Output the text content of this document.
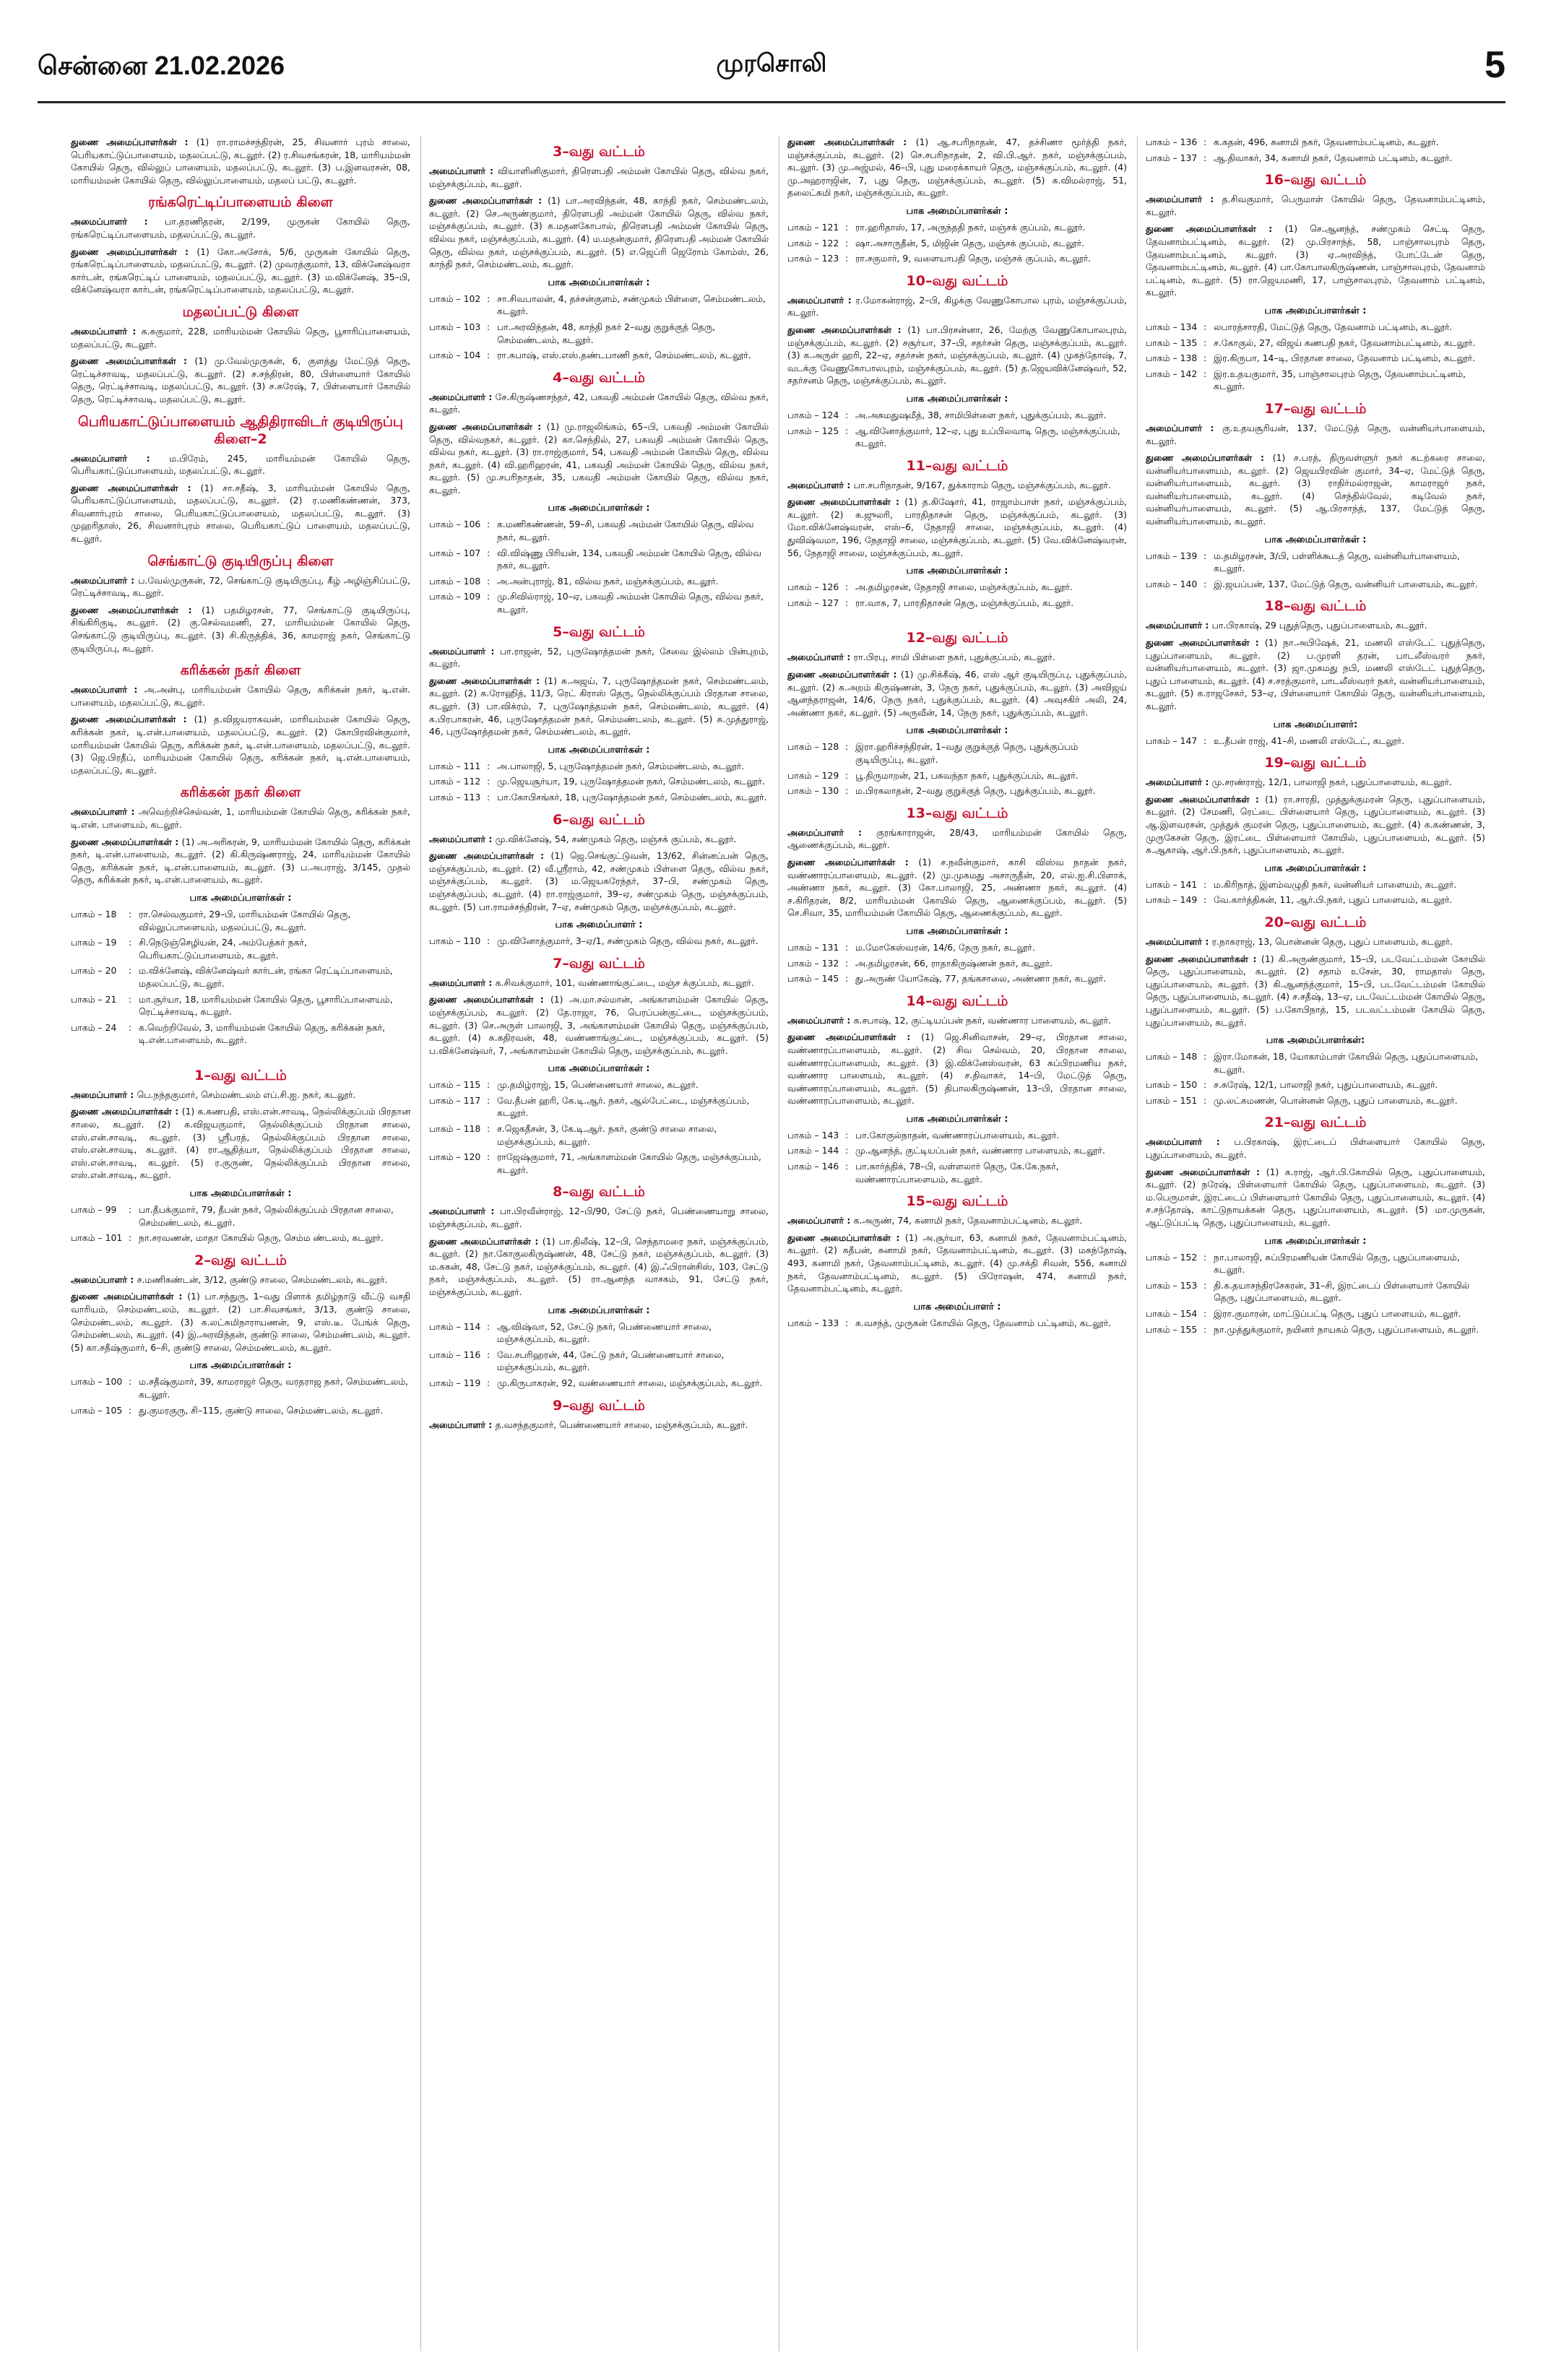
சென்னை 21.02.2026	முரசொலி	5

துணை அமைப்பாளர்கள் : (1) ரா.ராமச்சந்திரன், 25, சிவனார் புரம் சாலை, பெரியகாட்டுப்பாளையம், மதலப்பட்டு, கடலூர். (2) ர.சிவசங்கரன், 18, மாரியம்மன் கோயில் தெரு, வில்லுப் பாளையம், மதலப்பட்டு, கடலூர். (3) ப.இளவரசன், 08, மாரியம்மன் கோயில் தெரு, வில்லுப்பாளையம், மதலப் பட்டு, கடலூர்.

ரங்கரெட்டிப்பாளையம் கிளை

அமைப்பாளர் : பா.தரணிதரன், 2/199, முருகன் கோயில் தெரு, ரங்கரெட்டிப்பாளையம், மதலப்பட்டு, கடலூர்.

துணை அமைப்பாளர்கள் : (1) கோ.அசோக், 5/6, முருகன் கோயில் தெரு, ரங்கரெட்டிப்பாளையம், மதலப்பட்டு, கடலூர். (2) முவரத்குமார், 13, விக்னேஷ்வரா கார்டன், ரங்கரெட்டிப் பாளையம், மதலப்பட்டு, கடலூர். (3) ம.விக்னேஷ், 35–பி, விக்னேஷ்வரா கார்டன், ரங்கரெட்டிப்பாளையம், மதலப்பட்டு, கடலூர்.

மதலப்பட்டு கிளை

அமைப்பாளர் : க.சுகுமார், 228, மாரியம்மன் கோயில் தெரு, பூசாரிப்பாளையம், மதலப்பட்டு, கடலூர்.

துணை அமைப்பாளர்கள் : (1) மு.வேல்முருகன், 6, குளத்து மேட்டுத் தெரு, ரெட்டிச்சாவடி, மதலப்பட்டு, கடலூர். (2) ச.சந்திரன், 80, பிள்ளையார் கோயில் தெரு, ரெட்டிச்சாவடி, மதலப்பட்டு, கடலூர். (3) ச.சுரேஷ், 7, பிள்ளையார் கோயில் தெரு, ரெட்டிச்சாவடி, மதலப்பட்டு, கடலூர்.

பெரியகாட்டுப்பாளையம் ஆதிதிராவிடர் குடியிருப்பு கிளை–2

அமைப்பாளர் : ம.பிரேம், 245, மாரியம்மன் கோயில் தெரு, பெரியகாட்டுப்பாளையம், மதலப்பட்டு, கடலூர்.

துணை அமைப்பாளர்கள் : (1) சா.சதீஷ், 3, மாரியம்மன் கோயில் தெரு, பெரியகாட்டுப்பாளையம், மதலப்பட்டு, கடலூர். (2) ர.மணிகண்ணன், 373, சிவனார்புரம் சாலை, பெரியகாட்டுப்பாளையம், மதலப்பட்டு, கடலூர். (3) முஹரிதாஸ், 26, சிவனார்புரம் சாலை, பெரியகாட்டுப் பாளையம், மதலப்பட்டு, கடலூர்.

செங்காட்டு குடியிருப்பு கிளை

அமைப்பாளர் : ப.வேல்முருகன், 72, செங்காட்டு குடியிருப்பு, கீழ் அழிஞ்சிப்பட்டு, ரெட்டிச்சாவடி, கடலூர்.

துணை அமைப்பாளர்கள் : (1) பதமிழரசன், 77, செங்காட்டு குடியிருப்பு, சிங்கிரிகுடி, கடலூர். (2) கு.செல்வமணி, 27, மாரியம்மன் கோயில் தெரு, செங்காட்டு குடியிருப்பு, கடலூர். (3) சி.கிருத்திக், 36, காமராஜ் நகர், செங்காட்டு குடியிருப்பு, கடலூர்.

கரிக்கன் நகர் கிளை

அமைப்பாளர் : அ.அன்பு, மாரியம்மன் கோயில் தெரு, கரிக்கன் நகர், டி.என். பாளையம், மதலப்பட்டு, கடலூர்.

துணை அமைப்பாளர்கள் : (1) த.விஜயராகவன், மாரியம்மன் கோயில் தெரு, கரிக்கன் நகர், டி.என்.பாளையம், மதலப்பட்டு, கடலூர். (2) கோபிரவின்குமார், மாரியம்மன் கோயில் தெரு, கரிக்கன் நகர், டி.என்.பாளையம், மதலப்பட்டு, கடலூர். (3) ஜெ.பிரதீப், மாரியம்மன் கோயில் தெரு, கரிக்கன் நகர், டி.என்.பாளையம், மதலப்பட்டு, கடலூர்.

கரிக்கன் நகர் கிளை

அமைப்பாளர் : அவெற்றிச்செல்வன், 1, மாரியம்மன் கோயில் தெரு, கரிக்கன் நகர், டி.என். பாளையம், கடலூர்.

துணை அமைப்பாளர்கள் : (1) அ.அரிகரன், 9, மாரியம்மன் கோயில் தெரு, கரிக்கன் நகர், டி.என்.பாளையம், கடலூர். (2) கி.கிருஷ்ணராஜ், 24, மாரியம்மன் கோயில் தெரு, கரிக்கன் நகர், டி.என்.பாளையம், கடலூர். (3) ப.அபராஜ், 3/145, முதல் தெரு, கரிக்கன் நகர், டி.என்.பாளையம், கடலூர்.

பாக அமைப்பாளர்கள் :
பாகம் – 18	: ரா.செல்வகுமார், 29–பி, மாரியம்மன் கோயில் தெரு, வில்லுப்பாளையம், மதலப்பட்டு, கடலூர்.
பாகம் – 19	: சி.நெடுஞ்செழியன், 24, அம்பேத்கர் நகர், பெரியகாட்டுப்பாளையம், கடலூர்.
பாகம் – 20	: ம.விக்னேஷ், விக்னேஷ்வர் கார்டன், ரங்கா ரெட்டிப்பாளையம், மதலப்பட்டு, கடலூர்.
பாகம் – 21	: மா.சூர்யா, 18, மாரியம்மன் கோயில் தெரு, பூசாரிப்பாளையம், ரெட்டிச்சாவடி, கடலூர்.
பாகம் – 24	: க.வெற்றிவேல், 3, மாரியம்மன் கோயில் தெரு, கரிக்கன் நகர், டி.என்.பாளையம், கடலூர்.
1–வது வட்டம்

அமைப்பாளர் : பெ.நந்தகுமார், செம்மண்டலம் எப்.சி.ஐ. நகர், கடலூர்.

துணை அமைப்பாளர்கள் : (1) க.கணபதி, எஸ்.என்.சாவடி, நெல்லிக்குப்பம் பிரதான சாலை, கடலூர். (2) க.விஜயகுமார், நெல்லிக்குப்பம் பிரதான சாலை, எஸ்.என்.சாவடி, கடலூர். (3) ஸ்ரீபரத், நெல்லிக்குப்பம் பிரதான சாலை, எஸ்.என்.சாவடி, கடலூர். (4) ரா.ஆதித்யா, நெல்லிக்குப்பம் பிரதான சாலை, எஸ்.என்.சாவடி, கடலூர். (5) ர.குருண், நெல்லிக்குப்பம் பிரதான சாலை, எஸ்.என்.சாவடி, கடலூர்.

பாக அமைப்பாளர்கள் :
பாகம் – 99	: பா.தீபக்குமார், 79, தீபன் நகர், நெல்லிக்குப்பம் பிரதான சாலை, செம்மண்டலம், கடலூர்.
பாகம் – 101 : நா.சரவணன், மாதா கோயில் தெரு, செம்ம ண்டலம், கடலூர்.
2–வது வட்டம்

அமைப்பாளர் : ச.மணிகண்டன், 3/12, குண்டு சாலை, செம்மண்டலம், கடலூர்.

துணை அமைப்பாளர்கள் : (1) பா.சந்துரு, 1–வது பிளாக் தமிழ்நாடு வீட்டு வசதி வாரியம், செம்மண்டலம், கடலூர். (2) பா.சிவசங்கர், 3/13, குண்டு சாலை, செம்மண்டலம், கடலூர். (3) க.லட்சுமிநாராயணன், 9, எஸ்.டீ. பேங்க் தெரு, செம்மண்டலம், கடலூர். (4) இ.அரவிந்தன், குண்டு சாலை, செம்மண்டலம், கடலூர். (5) கா.சதீஷ்குமார், 6–சி, குண்டு சாலை, செம்மண்டலம், கடலூர்.

பாக அமைப்பாளர்கள் :
பாகம் – 100 : ம.சதீஷ்குமார், 39, காமராஜர் தெரு, வரதராஜ நகர், செம்மண்டலம், கடலூர்.
பாகம் – 105 : து.குமரகுரு, சி–115, குண்டு சாலை, செம்மண்டலம், கடலூர்.
3–வது வட்டம்

அமைப்பாளர் : வியாளினிகுமார், திரௌபதி அம்மன் கோயில் தெரு, வில்வ நகர், மஞ்சக்குப்பம், கடலூர்.

துணை அமைப்பாளர்கள் : (1) பா.அரவிந்தன், 48, காந்தி நகர், செம்மண்டலம், கடலூர். (2) செ.அருண்குமார், திரௌபதி அம்மன் கோயில் தெரு, வில்வ நகர், மஞ்சக்குப்பம், கடலூர். (3) சு.மதனகோபால், திரௌபதி அம்மன் கோயில் தெரு, வில்வ நகர், மஞ்சக்குப்பம், கடலூர். (4) ம.மதன்குமார், திரௌபதி அம்மன் கோயில் தெரு, வில்வ நகர், மஞ்சக்குப்பம், கடலூர். (5) எ.ஜெப்ரி ஜெரோம் கோம்ஸ், 26, காந்தி நகர், செம்மண்டலம், கடலூர்.

பாக அமைப்பாளர்கள் :
பாகம் – 102 : சா.சிவபாலன், 4, தச்சன்குளம், சண்முகம் பிள்ளை, செம்மண்டலம், கடலூர்.
பாகம் – 103 : பா.அரவிந்தன், 48, காந்தி நகர் 2–வது குறுக்குத் தெரு, செம்மண்டலம், கடலூர்.
பாகம் – 104 : ரா.சுபாஷ், எஸ்.எஸ்.தண்டபாணி நகர், செம்மண்டலம், கடலூர்.
4–வது வட்டம்

அமைப்பாளர் : சே.கிருஷ்ணசந்தர், 42, பகவதி அம்மன் கோயில் தெரு, வில்வ நகர், கடலூர்.

துணை அமைப்பாளர்கள் : (1) மு.ராஜலிங்கம், 65–பி, பகவதி அம்மன் கோயில் தெரு, வில்வநகர், கடலூர். (2) கா.செந்தில், 27, பகவதி அம்மன் கோயில் தெரு, வில்வ நகர், கடலூர். (3) ரா.ராஜ்குமார், 54, பகவதி அம்மன் கோயில் தெரு, வில்வ நகர், கடலூர். (4) வி.ஹரிஹரன், 41, பகவதி அம்மன் கோயில் தெரு, வில்வ நகர், கடலூர். (5) மு.சபரிநாதன், 35, பகவதி அம்மன் கோயில் தெரு, வில்வ நகர், கடலூர்.

பாக அமைப்பாளர்கள் :
பாகம் – 106 : க.மணிகண்ணன், 59–சி, பகவதி அம்மன் கோயில் தெரு, வில்வ நகர், கடலூர்.
பாகம் – 107 : வி.விஷ்ணு பிரியன், 134, பகவதி அம்மன் கோயில் தெரு, வில்வ நகர், கடலூர்.
பாகம் – 108 : அ.அன்புராஜ், 81, வில்வ நகர், மஞ்சக்குப்பம், கடலூர்.
பாகம் – 109 : மு.சிவில்ராஜ், 10–ஏ, பகவதி அம்மன் கோயில் தெரு, வில்வ நகர், கடலூர்.
5–வது வட்டம்

அமைப்பாளர் : பா.ராஜன், 52, புருஷோத்தமன் நகர், சேவை இல்லம் பின்புறம், கடலூர்.

துணை அமைப்பாளர்கள் : (1) சு.அஜய், 7, புருஷோத்தமன் நகர், செம்மண்டலம், கடலூர். (2) க.ரோஹித், 11/3, ரெட் கிராஸ் தெரு, நெல்லிக்குப்பம் பிரதான சாலை, கடலூர். (3) பா.விக்ரம், 7, புருஷோத்தமன் நகர், செம்மண்டலம், கடலூர். (4) க.பிரபாகரன், 46, புருஷோத்தமன் நகர், செம்மண்டலம், கடலூர். (5) சு.முத்துராஜ், 46, புருஷோத்தமன் நகர், செம்மண்டலம், கடலூர்.

பாக அமைப்பாளர்கள் :
பாகம் – 111 : அ.பாலாஜி, 5, புருஷோத்தமன் நகர், செம்மண்டலம், கடலூர்.
பாகம் – 112 : மு.ஜெயசூர்யா, 19, புருஷோத்தமன் நகர், செம்மண்டலம், கடலூர்.
பாகம் – 113 : பா.கோபிசங்கர், 18, புருஷோத்தமன் நகர், செம்மண்டலம், கடலூர்.
6–வது வட்டம்

அமைப்பாளர் : மு.விக்னேஷ், 54, சண்முகம் தெரு, மஞ்சக் குப்பம், கடலூர்.

துணை அமைப்பாளர்கள் : (1) ஜெ.செங்குட்டுவன், 13/62, சின்னப்பன் தெரு, மஞ்சக்குப்பம், கடலூர். (2) வீ.ஸ்ரீராம், 42, சண்முகம் பிள்ளை தெரு, வில்வ நகர், மஞ்சக்குப்பம், கடலூர். (3) ம.ஜெயசுரேந்தர், 37–பி, சண்முகம் தெரு, மஞ்சக்குப்பம், கடலூர். (4) ரா.ராஜ்குமார், 39–ஏ, சண்முகம் தெரு, மஞ்சக்குப்பம், கடலூர். (5) பா.ராமச்சந்திரன், 7–ஏ, சண்முகம் தெரு, மஞ்சக்குப்பம், கடலூர்.

பாக அமைப்பாளர் :
பாகம் – 110 : மு.வினோத்குமார், 3–ஏ/1, சண்முகம் தெரு, வில்வ நகர், கடலூர்.
7–வது வட்டம்

அமைப்பாளர் : க.சிவக்குமார், 101, வண்ணாங்குட்டை, மஞ்ச க்குப்பம், கடலூர்.

துணை அமைப்பாளர்கள் : (1) அ.மா.சல்மான், அங்காளம்மன் கோயில் தெரு, மஞ்சக்குப்பம், கடலூர். (2) தே.ராஜா, 76, பெரப்பன்குட்டை, மஞ்சக்குப்பம், கடலூர். (3) செ.அருள் பாலாஜி, 3, அங்காளம்மன் கோயில் தெரு, மஞ்சக்குப்பம், கடலூர். (4) சு.கதிரவன், 48, வண்ணாங்குட்டை, மஞ்சக்குப்பம், கடலூர். (5) ப.விக்னேஷ்வர், 7, அங்காளம்மன் கோயில் தெரு, மஞ்சக்குப்பம், கடலூர்.

பாக அமைப்பாளர்கள் :
பாகம் – 115 : மு.தமிழ்ராஜ், 15, பெண்ணையார் சாலை, கடலூர்.
பாகம் – 117 : வே.தீபன் ஹரி, கே.டி.ஆர். நகர், ஆல்பேட்டை, மஞ்சக்குப்பம், கடலூர்.
பாகம் – 118 : ச.ஜெகதீசன், 3, கே.டி.ஆர். நகர், குண்டு சாலை சாலை, மஞ்சக்குப்பம், கடலூர்.
பாகம் – 120 : ராஜேஷ்குமார், 71, அங்காளம்மன் கோயில் தெரு, மஞ்சக்குப்பம், கடலூர்.
8–வது வட்டம்

அமைப்பாளர் : பா.பிரவீன்ராஜ், 12–பி/90, சேட்டு நகர், பெண்ணையாறு சாலை, மஞ்சக்குப்பம், கடலூர்.

துணை அமைப்பாளர்கள் : (1) பா.திலீஷ், 12–பி, செந்தாமரை நகர், மஞ்சக்குப்பம், கடலூர். (2) நா.கோகுலகிருஷ்ணன், 48, சேட்டு நகர், மஞ்சக்குப்பம், கடலூர். (3) ம.சுகன், 48, சேட்டு நகர், மஞ்சக்குப்பம், கடலூர். (4) இ.ஃபிரான்சிஸ், 103, சேட்டு நகர், மஞ்சக்குப்பம், கடலூர். (5) ரா.ஆனந்த வாசகம், 91, சேட்டு நகர், மஞ்சக்குப்பம், கடலூர்.

பாக அமைப்பாளர்கள் :
பாகம் – 114 : ஆ.விஷ்வா, 52, சேட்டு நகர், பெண்ணையார் சாலை, மஞ்சக்குப்பம், கடலூர்.
பாகம் – 116 : வே.சபரிஹரன், 44, சேட்டு நகர், பெண்ணையார் சாலை, மஞ்சக்குப்பம், கடலூர்.
பாகம் – 119 : மு.கிருபாகரன், 92, வண்ணையார் சாலை, மஞ்சக்குப்பம், கடலூர்.
9–வது வட்டம்

அமைப்பாளர் : த.வசந்தகுமார், பெண்ணையார் சாலை, மஞ்சக்குப்பம், கடலூர்.

துணை அமைப்பாளர்கள் : (1) ஆ.சபரிநாதன், 47, தச்சிணா மூர்த்தி நகர், மஞ்சக்குப்பம், கடலூர். (2) செ.சபரிநாதன், 2, வி.பி.ஆர். நகர், மஞ்சக்குப்பம், கடலூர். (3) மு.அஜ்மல், 46–பி, புது மரைக்காயர் தெரு, மஞ்சக்குப்பம், கடலூர். (4) மு.அஹராஜின், 7, புது தெரு, மஞ்சக்குப்பம், கடலூர். (5) க.விமல்ராஜ், 51, தலைட்சுமி நகர், மஞ்சக்குப்பம், கடலூர்.

பாக அமைப்பாளர்கள் :
பாகம் – 121 : ரா.ஹரிதாஸ், 17, அருந்ததி நகர், மஞ்சக் குப்பம், கடலூர்.
பாகம் – 122 : ஷா.அசாருதீன், 5, மிஜின் தெரு, மஞ்சக் குப்பம், கடலூர்.
பாகம் – 123 : ரா.சகுமார், 9, வளையாபதி தெரு, மஞ்சக் குப்பம், கடலூர்.
10–வது வட்டம்

அமைப்பாளர் : ர.மோகன்ராஜ், 2–பி, கிழக்கு வேணுகோபால புரம், மஞ்சக்குப்பம், கடலூர்.

துணை அமைப்பாளர்கள் : (1) பா.பிரசன்னா, 26, மேற்கு வேணுகோபாலபுரம், மஞ்சக்குப்பம், கடலூர். (2) சசூர்யா, 37–பி, சதர்சன் தெரு, மஞ்சக்குப்பம், கடலூர். (3) க.அருள் ஹரி, 22–ஏ, சதர்சன் நகர், மஞ்சக்குப்பம், கடலூர். (4) முகந்தோஷ், 7, வடக்கு வேணுகோபாலபுரம், மஞ்சக்குப்பம், கடலூர். (5) த.ஜெயவிக்னேஷ்வர், 52, சதர்சனம் தெரு, மஞ்சக்குப்பம், கடலூர்.

பாக அமைப்பாளர்கள் :
பாகம் – 124 : அ.அசுமதுஷமீத், 38, சாமிபிள்ளை நகர், புதுக்குப்பம், கடலூர்.
பாகம் – 125 : ஆ.வினோத்குமார், 12–ஏ, புது உப்பிலவாடி தெரு, மஞ்சக்குப்பம், கடலூர்.
11–வது வட்டம்

அமைப்பாளர் : பா.சபரிநாதன், 9/167, துக்காராம் தெரு, மஞ்சக்குப்பம், கடலூர்.

துணை அமைப்பாளர்கள் : (1) த.கிஷோர், 41, ராஜாம்பாள் நகர், மஞ்சக்குப்பம், கடலூர். (2) சு.ஜுலரி, பாரதிதாசன் தெரு, மஞ்சக்குப்பம், கடலூர். (3) மோ.விக்னேஷ்வரன், எஸ்–6, நேதாஜி சாலை, மஞ்சக்குப்பம், கடலூர். (4) துவிஷ்வமா, 196, நேதாஜி சாலை, மஞ்சக்குப்பம், கடலூர். (5) வே.விக்னேஷ்வரன், 56, நேதாஜி சாலை, மஞ்சக்குப்பம், கடலூர்.

பாக அமைப்பாளர்கள் :
பாகம் – 126 : அ.தமிழரசன், நேதாஜி சாலை, மஞ்சக்குப்பம், கடலூர்.
பாகம் – 127 : ரா.வாசு, 7, பாரதிதாசன் தெரு, மஞ்சக்குப்பம், கடலூர்.
12–வது வட்டம்

அமைப்பாளர் : ரா.பிரபு, சாமி பிள்ளை நகர், புதுக்குப்பம், கடலூர்.

துணை அமைப்பாளர்கள் : (1) மு.சிக்கீஷ், 46, எஸ் ஆர் குடியிருப்பு, புதுக்குப்பம், கடலூர். (2) சு.அறம் கிருஷ்ணன், 3, நேரு நகர், புதுக்குப்பம், கடலூர். (3) அவிஜய் ஆனந்தராஜன், 14/6, நேரு நகர், புதுக்குப்பம், கடலூர். (4) அவுசகிர் அலி, 24, அண்ணா நகர், கடலூர். (5) அருவீன், 14, நேரு நகர், புதுக்குப்பம், கடலூர்.

பாக அமைப்பாளர்கள் :
பாகம் – 128 : இரா.ஹரிச்சந்திரன், 1–வது குறுக்குத் தெரு, புதுக்குப்பம் குடியிருப்பு, கடலூர்.
பாகம் – 129 : பூ.திருமாறன், 21, பகவந்தா நகர், புதுக்குப்பம், கடலூர்.
பாகம் – 130 : ம.பிரகலாதன், 2–வது குறுக்குத் தெரு, புதுக்குப்பம், கடலூர்.
13–வது வட்டம்

அமைப்பாளர் : குரங்காராஜன், 28/43, மாரியம்மன் கோயில் தெரு, ஆணைக்குப்பம், கடலூர்.

துணை அமைப்பாளர்கள் : (1) ச.நவீன்குமார், காசி விஸ்வ நாதன் நகர், வண்ணாரப்பாளையம், கடலூர். (2) மு.முகமது அசாருதீன், 20, எல்.ஐ.சி.பிளாக், அண்ணா நகர், கடலூர். (3) கோ.பாலாஜி, 25, அண்ணா நகர், கடலூர். (4) ச.கிரிதரன், 8/2, மாரியம்மன் கோயில் தெரு, ஆணைக்குப்பம், கடலூர். (5) செ.சிவா, 35, மாரியம்மன் கோயில் தெரு, ஆணைக்குப்பம், கடலூர்.

பாக அமைப்பாளர்கள் :
பாகம் – 131 : ம.மோகேஸ்வரன், 14/6, நேரு நகர், கடலூர்.
பாகம் – 132 : அ.தமிழரசன், 66, ராதாகிருஷ்ணன் நகர், கடலூர்.
பாகம் – 145 : து.அருண் யோகேஷ், 77, தங்கசாலை, அண்ணா நகர், கடலூர்.
14–வது வட்டம்

அமைப்பாளர் : க.சபாஷ், 12, குட்டியப்பன் நகர், வண்ணார பாளையம், கடலூர்.

துணை அமைப்பாளர்கள் : (1) ஜெ.சினிவாசன், 29–ஏ, பிரதான சாலை, வண்ணாரப்பாளையம், கடலூர். (2) சிவ செல்வம், 20, பிரதான சாலை, வண்ணாரப்பாளையம், கடலூர். (3) இ.விக்னேஸ்வரன், 63 சுப்பிரமணிய நகர், வண்ணார பாளையம், கடலூர். (4) ச.திவாகர், 14–பி, மேட்டுத் தெரு, வண்ணாரப்பாளையம், கடலூர். (5) திபாலகிருஷ்ணன், 13–பி, பிரதான சாலை, வண்ணாரப்பாளையம், கடலூர்.

பாக அமைப்பாளர்கள் :
பாகம் – 143 : பா.கோகுல்நாதன், வண்ணாரப்பாளையம், கடலூர்.
பாகம் – 144 : மு.ஆனந்த், குட்டியப்பன் நகர், வண்ணார பாளையம், கடலூர்.
பாகம் – 146 : பா.கார்த்திக், 78–பி, வள்ளலார் தெரு, கே.கே.நகர், வண்ணாரப்பாளையம், கடலூர்.
15–வது வட்டம்

அமைப்பாளர் : க.அருண், 74, சுனாமி நகர், தேவனாம்பட்டினம், கடலூர்.

துணை அமைப்பாளர்கள் : (1) அ.சூர்யா, 63, சுனாமி நகர், தேவனாம்பட்டினம், கடலூர். (2) கதீபன், சுனாமி நகர், தேவனாம்பட்டினம், கடலூர். (3) மகந்தோஷ், 493, சுனாமி நகர், தேவனாம்பட்டினம், கடலூர். (4) மு.சக்தி சிவன், 556, சுனாமி நகர், தேவனாம்பட்டினம், கடலூர். (5) பிரோஷன், 474, சுனாமி நகர், தேவனாம்பட்டினம், கடலூர்.

பாக அமைப்பாளர் :
பாகம் – 133 : க.வசந்த், முருகன் கோயில் தெரு, தேவனாம் பட்டினம், கடலூர்.
பாகம் – 136 : க.கதன், 496, சுனாமி நகர், தேவனாம்பட்டினம், கடலூர்.
பாகம் – 137 : ஆ.திவாகர், 34, சுனாமி நகர், தேவனாம் பட்டினம், கடலூர்.
16–வது வட்டம்

அமைப்பாளர் : த.சிவகுமார், பெருமாள் கோயில் தெரு, தேவனாம்பட்டினம், கடலூர்.

துணை அமைப்பாளர்கள் : (1) செ.ஆனந்த், சண்முகம் செட்டி தெரு, தேவனாம்பட்டினம், கடலூர். (2) மு.பிரசாந்த், 58, பாஞ்சாலபுரம் தெரு, தேவனாம்பட்டினம், கடலூர். (3) ஏ.அரவிந்த், போட்டேன் தெரு, தேவனாம்பட்டினம், கடலூர். (4) பா.கோபாலகிருஷ்ணன், பாஞ்சாலபுரம், தேவனாம் பட்டினம், கடலூர். (5) ரா.ஜெயமணி, 17, பாஞ்சாலபுரம், தேவனாம் பட்டினம், கடலூர்.

பாக அமைப்பாளர்கள் :
பாகம் – 134 : லபாரத்சாரதி, மேட்டுத் தெரு, தேவனாம் பட்டினம், கடலூர்.
பாகம் – 135 : ச.கோகுல், 27, விஜய் கணபதி நகர், தேவனாம்பட்டினம், கடலூர்.
பாகம் – 138 : இர.கிருபா, 14–டி, பிரதான சாலை, தேவனாம் பட்டினம், கடலூர்.
பாகம் – 142 : இர.உதயகுமார், 35, பாஞ்சாலபுரம் தெரு, தேவனாம்பட்டினம், கடலூர்.
17–வது வட்டம்

அமைப்பாளர் : கு.உதயசூரியன், 137, மேட்டுத் தெரு, வன்னியர்பாளையம், கடலூர்.

துணை அமைப்பாளர்கள் : (1) ச.பரத், திருவள்ளுர் நகர் கடற்கரை சாலை, வன்னியர்பாளையம், கடலூர். (2) ஜெயபிரவின் குமார், 34–ஏ, மேட்டுத் தெரு, வன்னியர்பாளையம், கடலூர். (3) ராதிர்மல்ராஜன், காமராஜர் நகர், வன்னியர்பாளையம், கடலூர். (4) செந்தில்வேல், கடிவேல் நகர், வன்னியர்பாளையம், கடலூர். (5) ஆ.பிரசாந்த், 137, மேட்டுத் தெரு, வன்னியர்பாளையம், கடலூர்.

பாக அமைப்பாளர்கள் :
பாகம் – 139 : ம.தமிழரசன், 3/பி, பள்ளிக்கூடத் தெரு, வன்னியர்பாளையம், கடலூர்.
பாகம் – 140 : இ.ஜயப்பன், 137, மேட்டுத் தெரு, வன்னியர் பாளையம், கடலூர்.
18–வது வட்டம்

அமைப்பாளர் : பா.பிரகாஷ், 29 புதுத்தெரு, புதுப்பாளையம், கடலூர்.

துணை அமைப்பாளர்கள் : (1) நா.அபிஷேக், 21, மணலி எஸ்டேட் புதுத்தெரு, புதுப்பாளையம், கடலூர். (2) ப.முரளி தரன், பாடலீஸ்வரர் நகர், வன்னியர்பாளையம், கடலூர். (3) ஜா.முகமது நபி, மணலி எஸ்டேட் புதுத்தெரு, புதுப் பாளையம், கடலூர். (4) ச.சரத்குமார், பாடலீஸ்வரர் நகர், வன்னியர்பாளையம், கடலூர். (5) க.ராஜசேகர், 53–ஏ, பிள்ளையார் கோயில் தெரு, வன்னியர்பாளையம், கடலூர்.

பாக அமைப்பாளர்:
பாகம் – 147 : உ.தீபன் ராஜ், 41–சி, மணலி எஸ்டேட், கடலூர்.
19–வது வட்டம்

அமைப்பாளர் : மு.சரண்ராஜ், 12/1, பாலாஜி நகர், புதுப்பாளையம், கடலூர்.

துணை அமைப்பாளர்கள் : (1) ரா.சாரதி, முத்துக்குமரன் தெரு, புதுப்பாளையம், கடலூர். (2) சேமணி, ரெட்டை பிள்ளையார் தெரு, புதுப்பாளையம், கடலூர். (3) ஆ.இளவரசன், முத்துக் குமரன் தெரு, புதுப்பாளையம், கடலூர். (4) க.கண்ணன், 3, முருகேசன் தெரு, இரட்டை பிள்ளையார் கோயில், புதுப்பாளையம், கடலூர். (5) சு.ஆகாஷ், ஆர்.பி.நகர், புதுப்பாளையம், கடலூர்.

பாக அமைப்பாளர்கள் :
பாகம் – 141 : ம.கிரிநாத், இளம்வழுதி நகர், வன்னியர் பாளையம், கடலூர்.
பாகம் – 149 : வே.கார்த்திகன், 11, ஆர்.பி.நகர், புதுப் பாளையம், கடலூர்.
20–வது வட்டம்

அமைப்பாளர் : ர.நாகராஜ், 13, பொன்னன் தெரு, புதுப் பாளையம், கடலூர்.

துணை அமைப்பாளர்கள் : (1) கி.அருண்குமார், 15–பி, படவேட்டம்மன் கோயில் தெரு, புதுப்பாளையம், கடலூர். (2) சதாம் உசேன், 30, ராமதாஸ் தெரு, புதுப்பாளையம், கடலூர். (3) கி.ஆனந்த்குமார், 15–பி, படவேட்டம்மன் கோயில் தெரு, புதுப்பாளையம், கடலூர். (4) ச.சதீஷ், 13–ஏ, படவேட்டம்மன் கோயில் தெரு, புதுப்பாளையம், கடலூர். (5) ப.கோபிநாத், 15, படவட்டம்மன் கோயில் தெரு, புதுப்பாளையம், கடலூர்.

பாக அமைப்பாளர்கள்:
பாகம் – 148 : இரா.மோகன், 18, யோகாம்பாள் கோயில் தெரு, புதுப்பாளையம், கடலூர்.
பாகம் – 150 : ச.சுரேஷ், 12/1, பாலாஜி நகர், புதுப்பாளையம், கடலூர்.
பாகம் – 151 : மு.லட்சுமணன், பொன்னன் தெரு, புதுப் பாளையம், கடலூர்.
21–வது வட்டம்

அமைப்பாளர் : ப.பிரகாஷ், இரட்டைப் பிள்ளையார் கோயில் தெரு, புதுப்பாளையம், கடலூர்.

துணை அமைப்பாளர்கள் : (1) க.ராஜ், ஆர்.பி.கோயில் தெரு, புதுப்பாளையம், கடலூர். (2) நரேஷ், பிள்ளையார் கோயில் தெரு, புதுப்பாளையம், கடலூர். (3) ம.பெருமாள், இரட்டைப் பிள்ளையார் கோயில் தெரு, புதுப்பாளையம், கடலூர். (4) ச.சந்தோஷ், காட்டுநாயக்கன் தெரு, புதுப்பாளையம், கடலூர். (5) மா.முருகன், ஆட்டுப்பட்டி தெரு, புதுப்பாளையம், கடலூர்.

பாக அமைப்பாளர்கள் :
பாகம் – 152 : நா.பாலாஜி, சுப்பிரமணியன் கோயில் தெரு, புதுப்பாளையம், கடலூர்.
பாகம் – 153 : தி.க.தயாசந்திரசேகரன், 31–சி, இரட்டைப் பிள்ளையார் கோயில் தெரு, புதுப்பாளையம், கடலூர்.
பாகம் – 154 : இரா.குமாரன், மாட்டுப்பட்டி தெரு, புதுப் பாளையம், கடலூர்.
பாகம் – 155 : நா.முத்துக்குமார், நயினர் நாயகம் தெரு, புதுப்பாளையம், கடலூர்.
